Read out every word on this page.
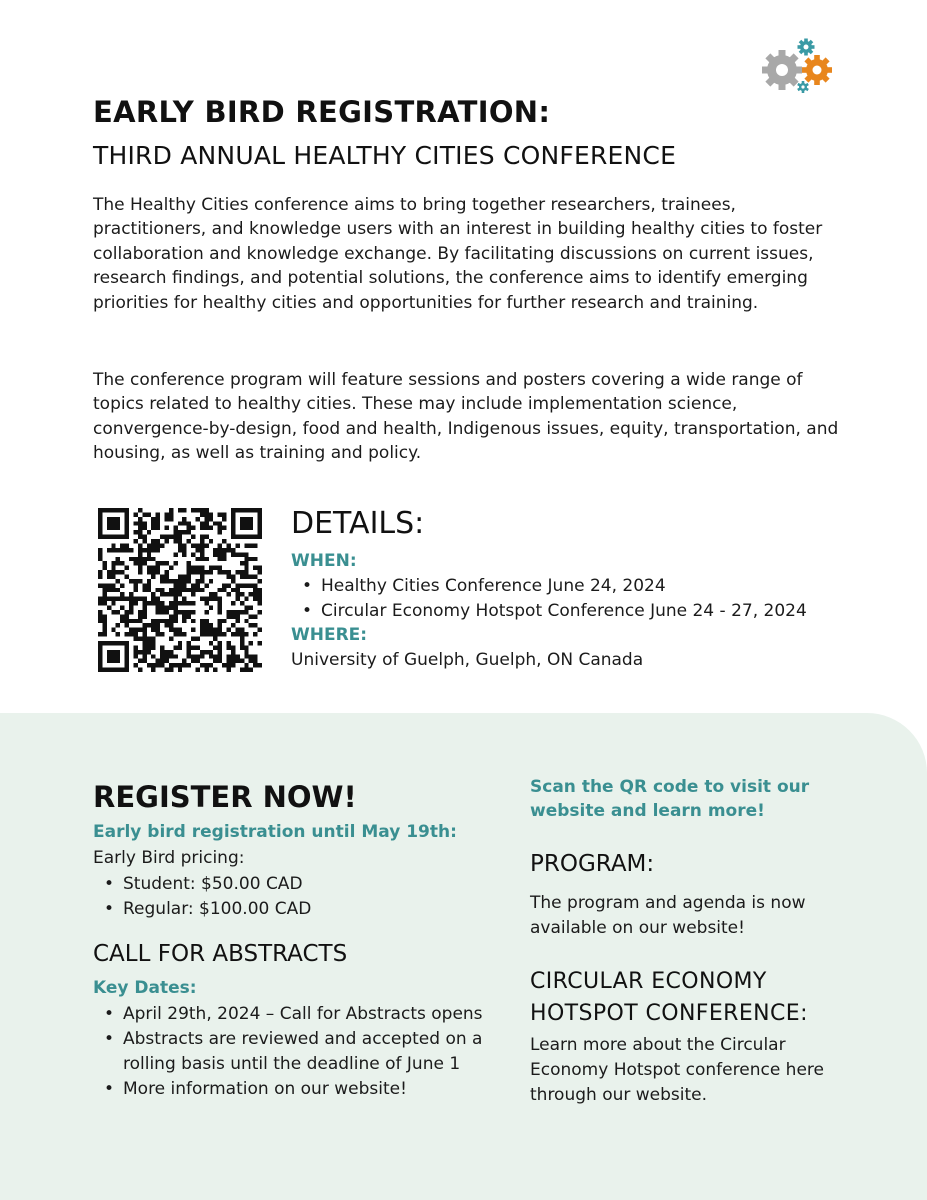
EARLY BIRD REGISTRATION:
THIRD ANNUAL HEALTHY CITIES CONFERENCE

The Healthy Cities conference aims to bring together researchers, trainees, practitioners, and knowledge users with an interest in building healthy cities to foster collaboration and knowledge exchange. By facilitating discussions on current issues, research findings, and potential solutions, the conference aims to identify emerging priorities for healthy cities and opportunities for further research and training.

The conference program will feature sessions and posters covering a wide range of topics related to healthy cities. These may include implementation science, convergence-by-design, food and health, Indigenous issues, equity, transportation, and housing, as well as training and policy.

DETAILS:
WHEN:
• Healthy Cities Conference June 24, 2024
• Circular Economy Hotspot Conference June 24 - 27, 2024
WHERE:
University of Guelph, Guelph, ON Canada
REGISTER NOW!
Early bird registration until May 19th:
Early Bird pricing:
• Student: $50.00 CAD
• Regular: $100.00 CAD
CALL FOR ABSTRACTS
Key Dates:
• April 29th, 2024 – Call for Abstracts opens
• Abstracts are reviewed and accepted on a rolling basis until the deadline of June 1
• More information on our website!
Scan the QR code to visit our website and learn more!
PROGRAM:
The program and agenda is now available on our website!
CIRCULAR ECONOMY HOTSPOT CONFERENCE:
Learn more about the Circular Economy Hotspot conference here through our website.
